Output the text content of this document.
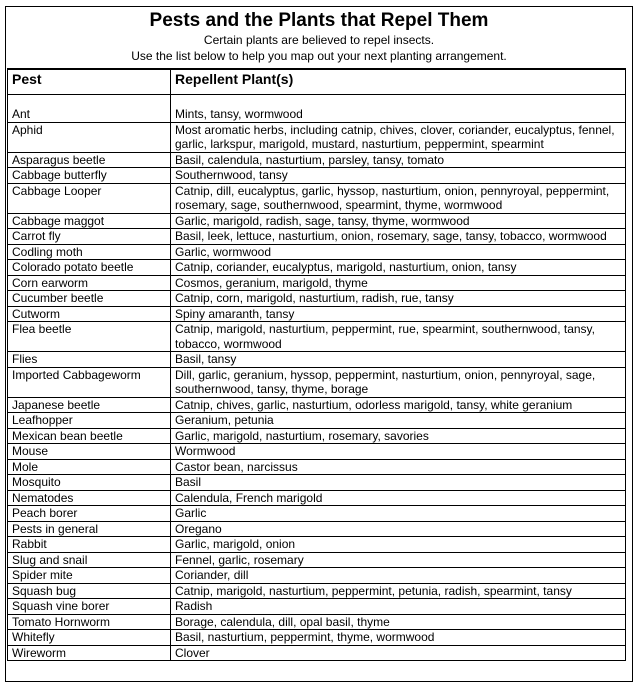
Pests and the Plants that Repel Them
Certain plants are believed to repel insects.
Use the list below to help you map out your next planting arrangement.
Pest	Repellent Plant(s)

Ant	Mints, tansy, wormwood
Aphid	Most aromatic herbs, including catnip, chives, clover, coriander, eucalyptus, fennel, garlic, larkspur, marigold, mustard, nasturtium, peppermint, spearmint
Asparagus beetle	Basil, calendula, nasturtium, parsley, tansy, tomato
Cabbage butterfly	Southernwood, tansy
Cabbage Looper	Catnip, dill, eucalyptus, garlic, hyssop, nasturtium, onion, pennyroyal, peppermint, rosemary, sage, southernwood, spearmint, thyme, wormwood
Cabbage maggot	Garlic, marigold, radish, sage, tansy, thyme, wormwood
Carrot fly	Basil, leek, lettuce, nasturtium, onion, rosemary, sage, tansy, tobacco, wormwood
Codling moth	Garlic, wormwood
Colorado potato beetle	Catnip, coriander, eucalyptus, marigold, nasturtium, onion, tansy
Corn earworm	Cosmos, geranium, marigold, thyme
Cucumber beetle	Catnip, corn, marigold, nasturtium, radish, rue, tansy
Cutworm	Spiny amaranth, tansy
Flea beetle	Catnip, marigold, nasturtium, peppermint, rue, spearmint, southernwood, tansy, tobacco, wormwood
Flies	Basil, tansy
Imported Cabbageworm	Dill, garlic, geranium, hyssop, peppermint, nasturtium, onion, pennyroyal, sage, southernwood, tansy, thyme, borage
Japanese beetle	Catnip, chives, garlic, nasturtium, odorless marigold, tansy, white geranium
Leafhopper	Geranium, petunia
Mexican bean beetle	Garlic, marigold, nasturtium, rosemary, savories
Mouse	Wormwood
Mole	Castor bean, narcissus
Mosquito	Basil
Nematodes	Calendula, French marigold
Peach borer	Garlic
Pests in general	Oregano
Rabbit	Garlic, marigold, onion
Slug and snail	Fennel, garlic, rosemary
Spider mite	Coriander, dill
Squash bug	Catnip, marigold, nasturtium, peppermint, petunia, radish, spearmint, tansy
Squash vine borer	Radish
Tomato Hornworm	Borage, calendula, dill, opal basil, thyme
Whitefly	Basil, nasturtium, peppermint, thyme, wormwood
Wireworm	Clover
